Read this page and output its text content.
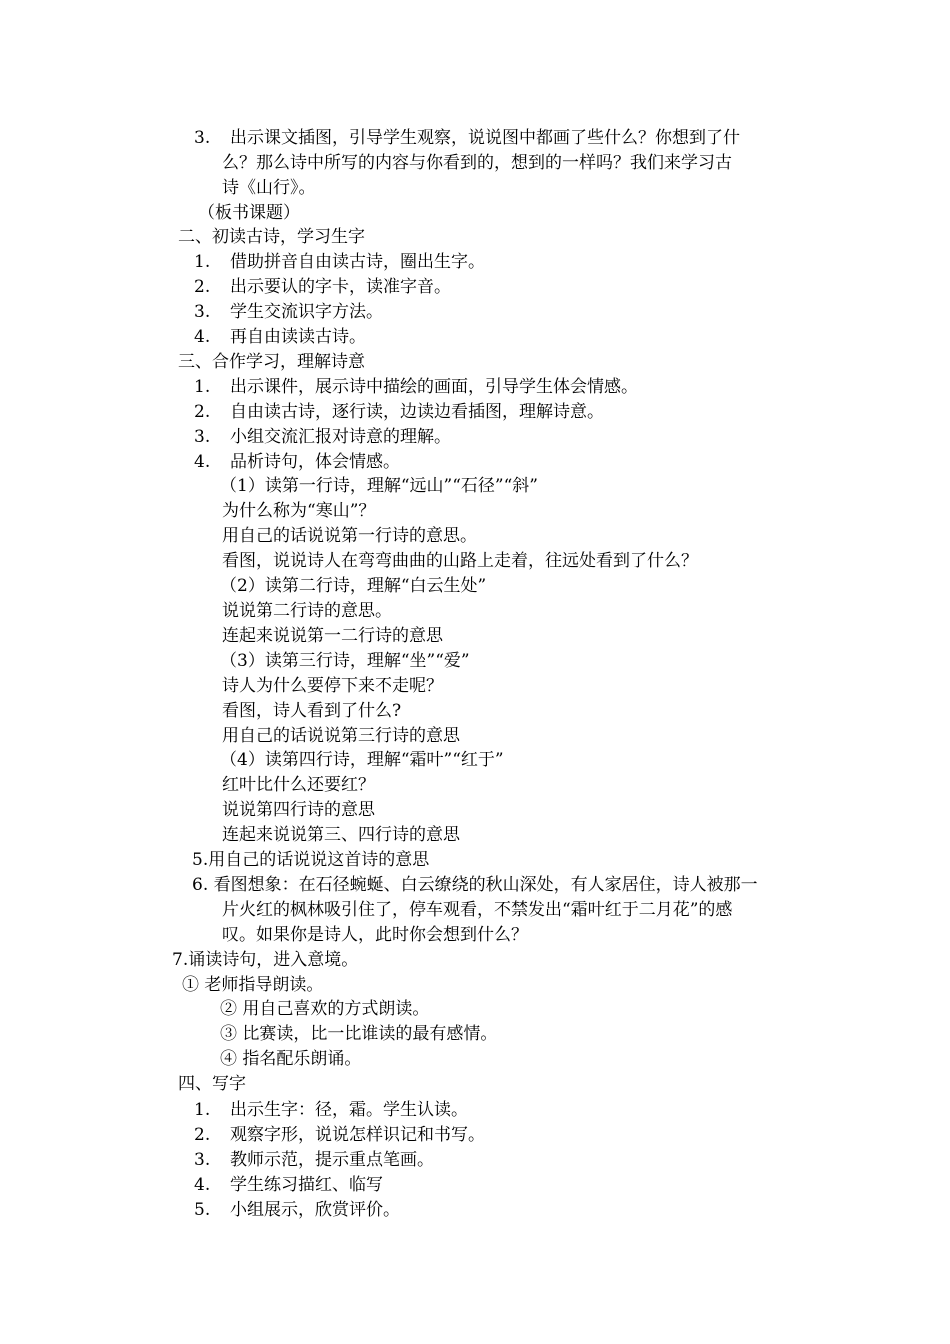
3.
1.
2.
3.
4.
1.
2.
3.
4.
1.
2.
3.
4.
5.
出示课文插图，引导学生观察，说说图中都画了些什么？你想到了什
么？那么诗中所写的内容与你看到的，想到的一样吗？我们来学习古
诗《山行》。
（板书课题）
二、初读古诗，学习生字
借助拼音自由读古诗，圈出生字。
出示要认的字卡，读准字音。
学生交流识字方法。
再自由读读古诗。
三、合作学习，理解诗意
出示课件，展示诗中描绘的画面，引导学生体会情感。
自由读古诗，逐行读，边读边看插图，理解诗意。
小组交流汇报对诗意的理解。
品析诗句，体会情感。
（1）读第一行诗，理解“远山”“石径”“斜”
为什么称为“寒山”？
用自己的话说说第一行诗的意思。
看图，说说诗人在弯弯曲曲的山路上走着，往远处看到了什么？
（2）读第二行诗，理解“白云生处”
说说第二行诗的意思。
连起来说说第一二行诗的意思
（3）读第三行诗，理解“坐”“爱”
诗人为什么要停下来不走呢？
看图，诗人看到了什么?
用自己的话说说第三行诗的意思
（4）读第四行诗，理解“霜叶”“红于”
红叶比什么还要红？
说说第四行诗的意思
连起来说说第三、四行诗的意思
5.用自己的话说说这首诗的意思
6. 看图想象：在石径蜿蜒、白云缭绕的秋山深处，有人家居住，诗人被那一
片火红的枫林吸引住了，停车观看，不禁发出“霜叶红于二月花”的感
叹。如果你是诗人，此时你会想到什么？
7.诵读诗句，进入意境。
① 老师指导朗读。
② 用自己喜欢的方式朗读。
③ 比赛读，比一比谁读的最有感情。
④ 指名配乐朗诵。
四、写字
出示生字：径，霜。学生认读。
观察字形，说说怎样识记和书写。
教师示范，提示重点笔画。
学生练习描红、临写
小组展示，欣赏评价。
